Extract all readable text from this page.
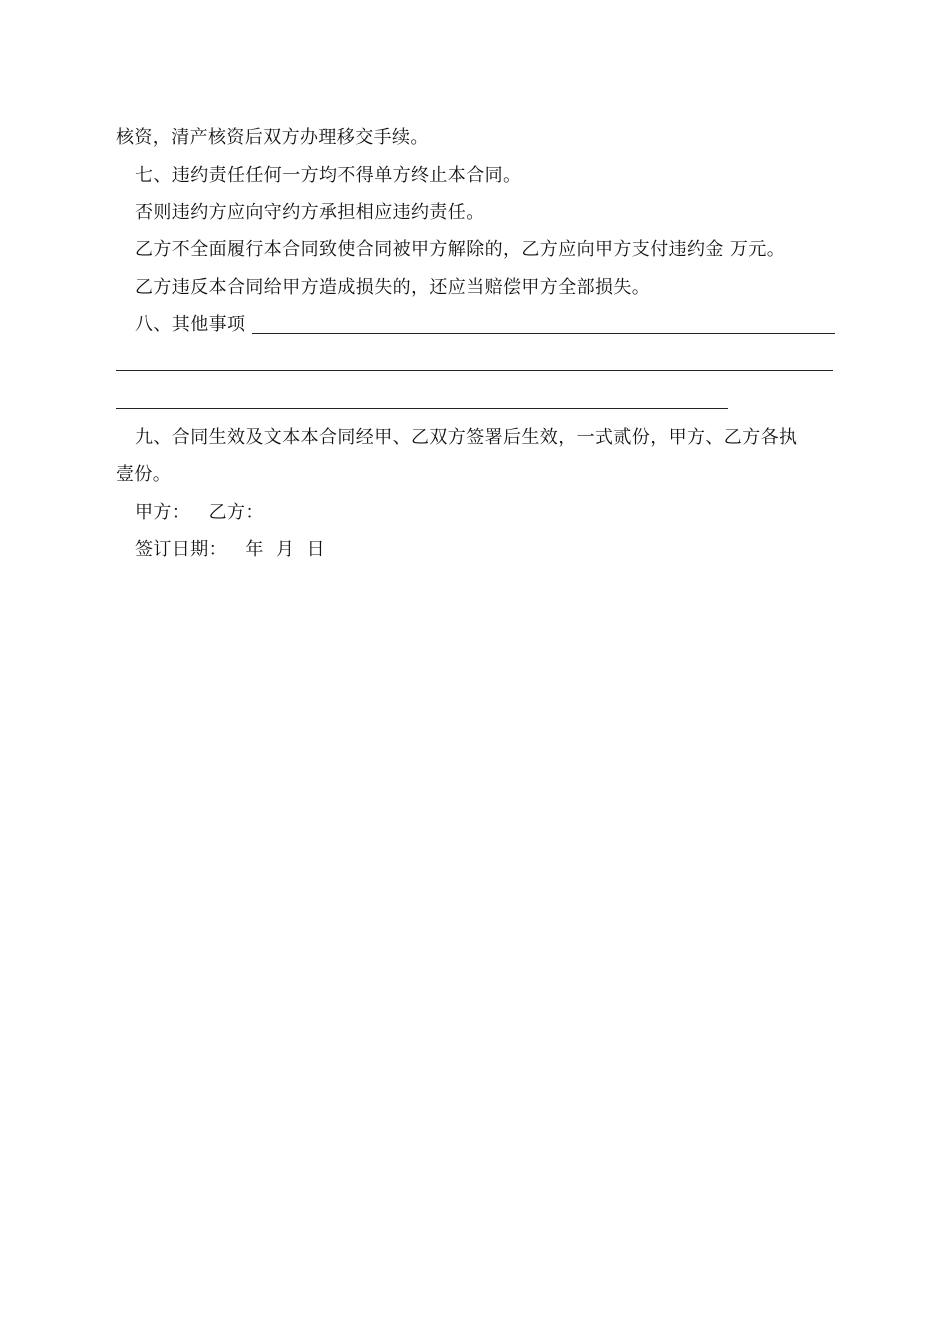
核资，清产核资后双方办理移交手续。
七、违约责任任何一方均不得单方终止本合同。
否则违约方应向守约方承担相应违约责任。
乙方不全面履行本合同致使合同被甲方解除的，乙方应向甲方支付违约金 万元。
乙方违反本合同给甲方造成损失的，还应当赔偿甲方全部损失。
八、其他事项
九、合同生效及文本本合同经甲、乙双方签署后生效，一式贰份，甲方、乙方各执
壹份。
甲方：   乙方：
签订日期：   年  月  日
